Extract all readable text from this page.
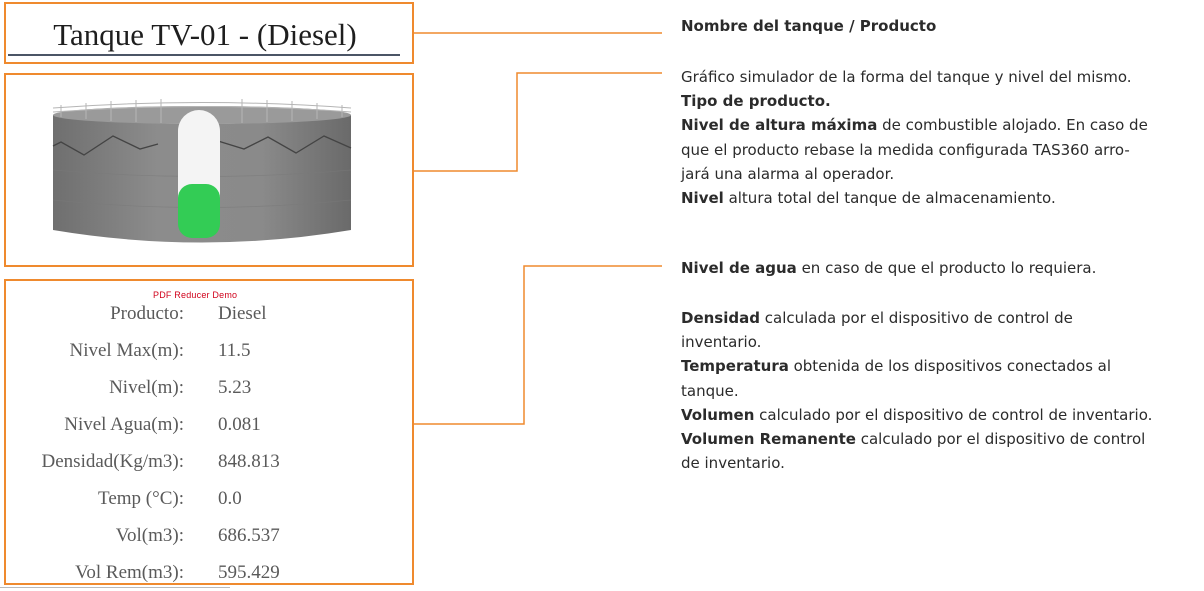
Tanque TV-01 - (Diesel)
PDF Reducer Demo
Producto: Diesel
Nivel Max(m): 11.5
Nivel(m): 5.23
Nivel Agua(m): 0.081
Densidad(Kg/m3): 848.813
Temp (°C): 0.0
Vol(m3): 686.537
Vol Rem(m3): 595.429

Nombre del tanque / Producto

Gráfico simulador de la forma del tanque y nivel del mismo.

Tipo de producto.

Nivel de altura máxima de combustible alojado. En caso de

que el producto rebase la medida configurada TAS360 arro-

jará una alarma al operador.

Nivel altura total del tanque de almacenamiento.

Nivel de agua en caso de que el producto lo requiera.

Densidad calculada por el dispositivo de control de

inventario.

Temperatura obtenida de los dispositivos conectados al

tanque.

Volumen calculado por el dispositivo de control de inventario.

Volumen Remanente calculado por el dispositivo de control

de inventario.
